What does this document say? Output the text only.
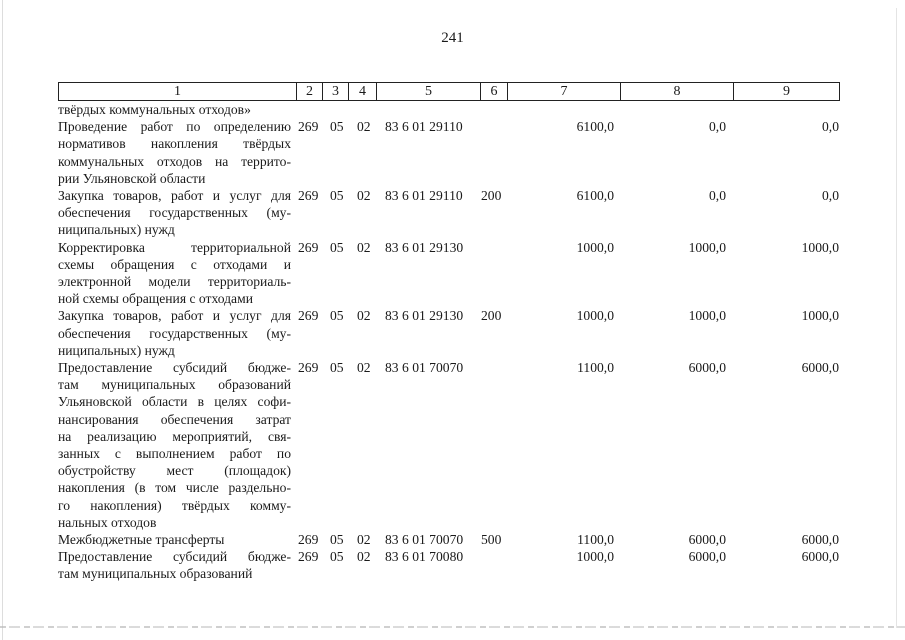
241
1	2	3	4	5	6	7	8	9
твёрдых коммунальных отходов»
Проведение работ по определению
нормативов накопления твёрдых
коммунальных отходов на террито-
рии Ульяновской области
269 05 02 83 6 01 29110	6100,0	0,0	0,0
Закупка товаров, работ и услуг для
обеспечения государственных (му-
ниципальных) нужд
269 05 02 83 6 01 29110 200	6100,0	0,0	0,0
Корректировка территориальной
схемы обращения с отходами и
электронной модели территориаль-
ной схемы обращения с отходами
269 05 02 83 6 01 29130	1000,0	1000,0	1000,0
Закупка товаров, работ и услуг для
обеспечения государственных (му-
ниципальных) нужд
269 05 02 83 6 01 29130 200	1000,0	1000,0	1000,0
Предоставление субсидий бюдже-
там муниципальных образований
Ульяновской области в целях софи-
нансирования обеспечения затрат
на реализацию мероприятий, свя-
занных с выполнением работ по
обустройству мест (площадок)
накопления (в том числе раздельно-
го накопления) твёрдых комму-
нальных отходов
269 05 02 83 6 01 70070	1100,0	6000,0	6000,0
Межбюджетные трансферты	269 05 02 83 6 01 70070 500	1100,0	6000,0	6000,0
Предоставление субсидий бюдже-
там муниципальных образований
269 05 02 83 6 01 70080	1000,0	6000,0	6000,0
